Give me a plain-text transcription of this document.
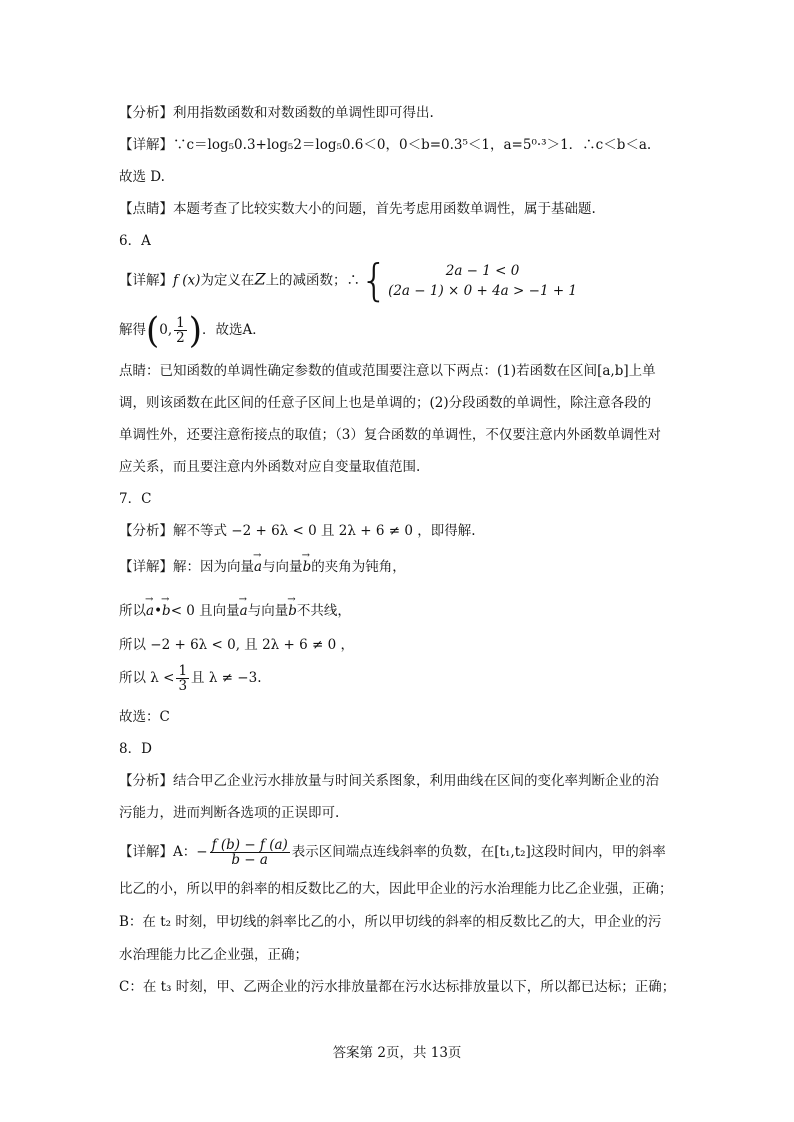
【分析】利用指数函数和对数函数的单调性即可得出.
【详解】∵c＝log₅0.3+log₅2＝log₅0.6＜0，0＜b=0.3⁵＜1，a=5⁰·³＞1．∴c＜b＜a.
故选 D.
【点睛】本题考查了比较实数大小的问题，首先考虑用函数单调性，属于基础题.
6．A
【详解】f (x)为定义在Z上的减函数；∴{	2a − 1 < 0
(2a − 1) × 0 + 4a > −1 + 1
解得(0, $\frac{1}{2}$ )．故选A．
点睛：已知函数的单调性确定参数的值或范围要注意以下两点：(1)若函数在区间[a,b]上单
调，则该函数在此区间的任意子区间上也是单调的；(2)分段函数的单调性，除注意各段的
单调性外，还要注意衔接点的取值；（3）复合函数的单调性，不仅要注意内外函数单调性对
应关系，而且要注意内外函数对应自变量取值范围.
7．C
【分析】解不等式 −2 + 6λ < 0 且 2λ + 6 ≠ 0 ，即得解.
【详解】解：因为向量→ a与向量→ b的夹角为钝角，
所以→ a•→ b< 0 且向量→ a与向量→ b不共线，
所以 −2 + 6λ < 0, 且 2λ + 6 ≠ 0 ，
所以 $\lambda < \frac{1}{3}$ 且 λ ≠ −3.
故选：C
8．D
【分析】结合甲乙企业污水排放量与时间关系图象，利用曲线在区间的变化率判断企业的治
污能力，进而判断各选项的正误即可.
【详解】A：− $\frac{f (b) - f (a)}{b - a}$ 表示区间端点连线斜率的负数，在[t₁,t₂]这段时间内，甲的斜率
比乙的小，所以甲的斜率的相反数比乙的大，因此甲企业的污水治理能力比乙企业强，正确；
B：在 t₂ 时刻，甲切线的斜率比乙的小，所以甲切线的斜率的相反数比乙的大，甲企业的污
水治理能力比乙企业强，正确；
C：在 t₃ 时刻，甲、乙两企业的污水排放量都在污水达标排放量以下，所以都已达标；正确；
答案第 2页，共 13页
